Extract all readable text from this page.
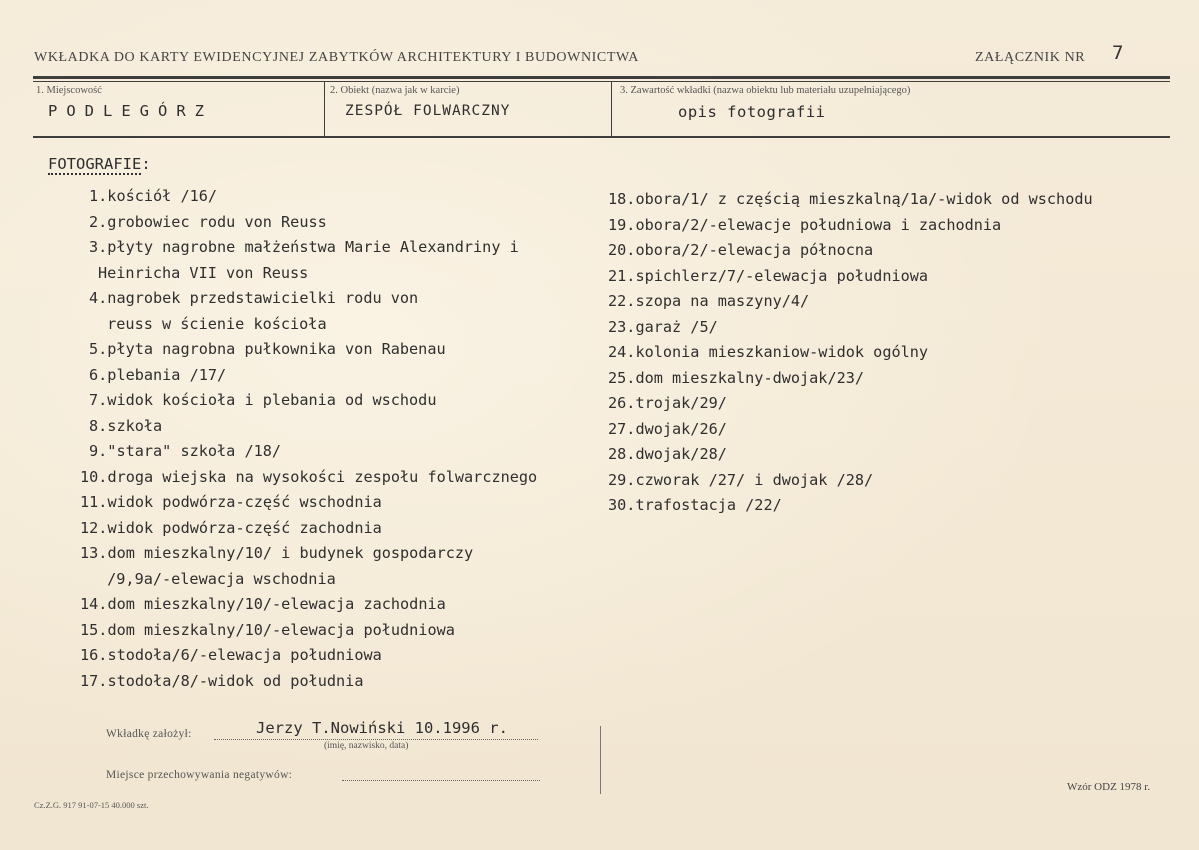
WKŁADKA DO KARTY EWIDENCYJNEJ ZABYTKÓW ARCHITEKTURY I BUDOWNICTWA	ZAŁĄCZNIK NR 7
1. Miejscowość	2. Obiekt (nazwa jak w karcie)	3. Zawartość wkładki (nazwa obiektu lub materiału uzupełniającego)
PODLEGÓRZ	ZESPÓŁ FOLWARCZNY	opis fotografii
FOTOGRAFIE:
1.kościół /16/
2.grobowiec rodu von Reuss
3.płyty nagrobne małżeństwa Marie Alexandriny i
Heinricha VII von Reuss
4.nagrobek przedstawicielki rodu von
reuss w ścienie kościoła
5.płyta nagrobna pułkownika von Rabenau
6.plebania /17/
7.widok kościoła i plebania od wschodu
8.szkoła
9."stara" szkoła /18/
10.droga wiejska na wysokości zespołu folwarcznego
11.widok podwórza-część wschodnia
12.widok podwórza-część zachodnia
13.dom mieszkalny/10/ i budynek gospodarczy
/9,9a/-elewacja wschodnia
14.dom mieszkalny/10/-elewacja zachodnia
15.dom mieszkalny/10/-elewacja południowa
16.stodoła/6/-elewacja południowa
17.stodoła/8/-widok od południa
18.obora/1/ z częścią mieszkalną/1a/-widok od wschodu
19.obora/2/-elewacje południowa i zachodnia
20.obora/2/-elewacja północna
21.spichlerz/7/-elewacja południowa
22.szopa na maszyny/4/
23.garaż /5/
24.kolonia mieszkaniow-widok ogólny
25.dom mieszkalny-dwojak/23/
26.trojak/29/
27.dwojak/26/
28.dwojak/28/
29.czworak /27/ i dwojak /28/
30.trafostacja /22/
Wkładkę założył:	Jerzy T.Nowiński 10.1996 r.
(imię, nazwisko, data)
Miejsce przechowywania negatywów:
Cz.Z.G. 917 91-07-15 40.000 szt.
Wzór ODZ 1978 r.
